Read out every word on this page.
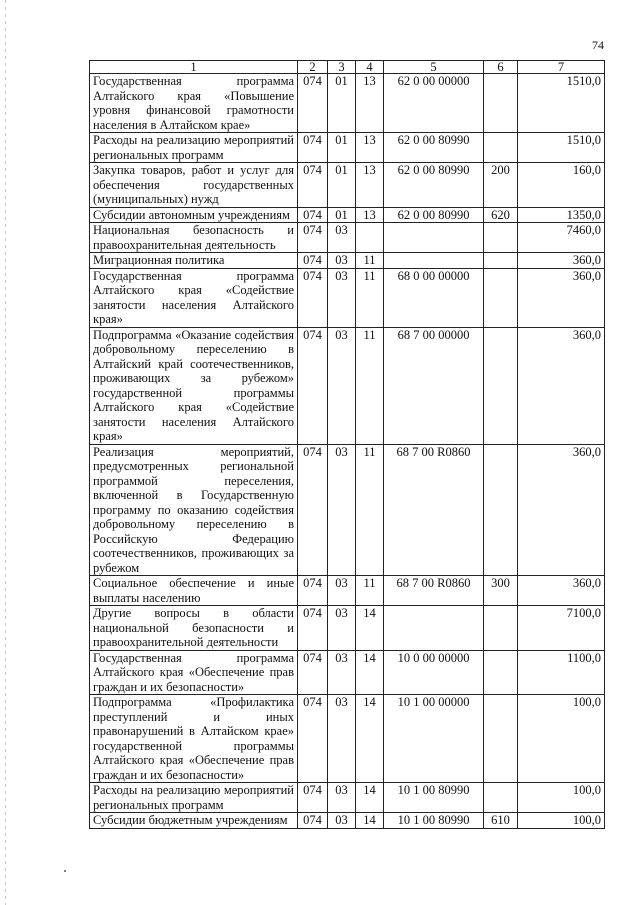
74
1	2	3	4	5	6	7
Государственная программа Алтайского края «Повышение уровня финансовой грамотности населения в Алтайском крае»	074	01	13	62 0 00 00000		1510,0
Расходы на реализацию мероприятий региональных программ	074	01	13	62 0 00 80990		1510,0
Закупка товаров, работ и услуг для обеспечения государственных (муниципальных) нужд	074	01	13	62 0 00 80990	200	160,0
Субсидии автономным учреждениям	074	01	13	62 0 00 80990	620	1350,0
Национальная безопасность и правоохранительная деятельность	074	03				7460,0
Миграционная политика	074	03	11			360,0
Государственная программа Алтайского края «Содействие занятости населения Алтайского края»	074	03	11	68 0 00 00000		360,0
Подпрограмма «Оказание содействия добровольному переселению в Алтайский край соотечественников, проживающих за рубежом» государственной программы Алтайского края «Содействие занятости населения Алтайского края»	074	03	11	68 7 00 00000		360,0
Реализация мероприятий, предусмотренных региональной программой переселения, включенной в Государственную программу по оказанию содействия добровольному переселению в Российскую Федерацию соотечественников, проживающих за рубежом	074	03	11	68 7 00 R0860		360,0
Социальное обеспечение и иные выплаты населению	074	03	11	68 7 00 R0860	300	360,0
Другие вопросы в области национальной безопасности и правоохранительной деятельности	074	03	14			7100,0
Государственная программа Алтайского края «Обеспечение прав граждан и их безопасности»	074	03	14	10 0 00 00000		1100,0
Подпрограмма «Профилактика преступлений и иных правонарушений в Алтайском крае» государственной программы Алтайского края «Обеспечение прав граждан и их безопасности»	074	03	14	10 1 00 00000		100,0
Расходы на реализацию мероприятий региональных программ	074	03	14	10 1 00 80990		100,0
Субсидии бюджетным учреждениям	074	03	14	10 1 00 80990	610	100,0
